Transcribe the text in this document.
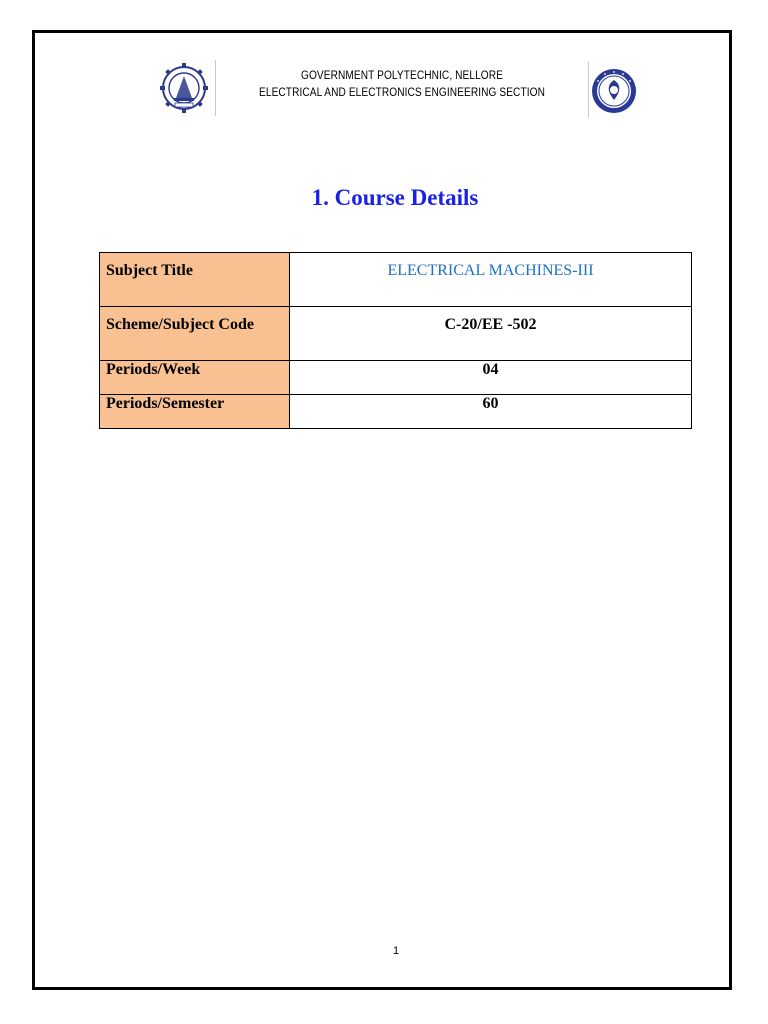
GOVERNMENT POLYTECHNIC, NELLORE
ELECTRICAL AND ELECTRONICS ENGINEERING SECTION
1. Course Details
Subject Title	ELECTRICAL MACHINES-III
Scheme/Subject Code	C-20/EE -502
Periods/Week	04
Periods/Semester	60
1
